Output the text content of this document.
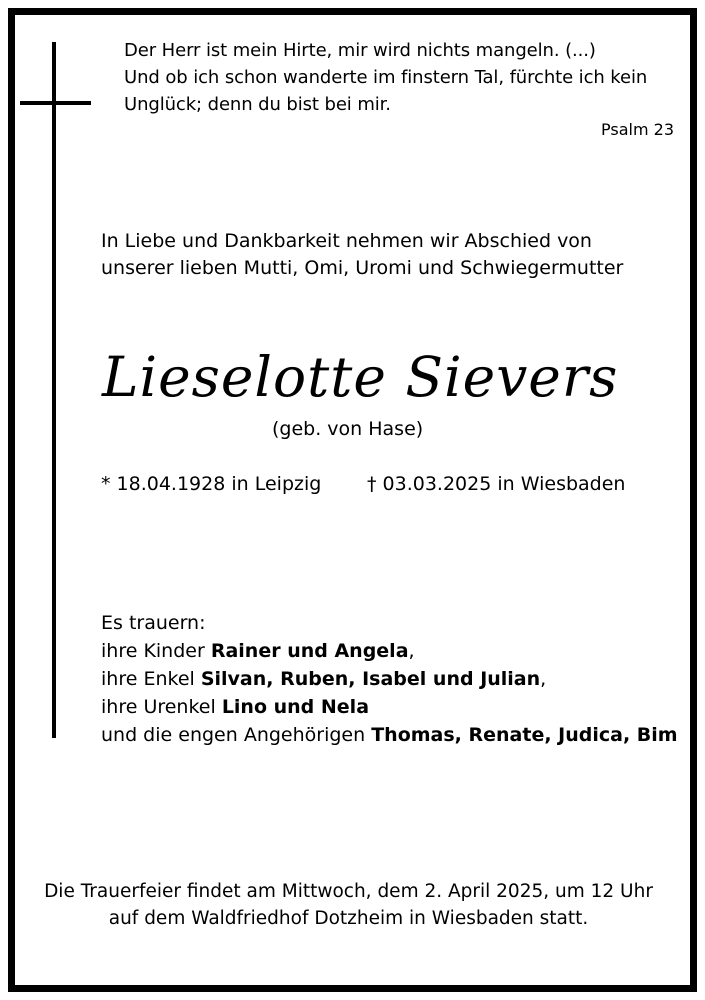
Der Herr ist mein Hirte, mir wird nichts mangeln. (...)
Und ob ich schon wanderte im finstern Tal, fürchte ich kein
Unglück; denn du bist bei mir.
Psalm 23
In Liebe und Dankbarkeit nehmen wir Abschied von
unserer lieben Mutti, Omi, Uromi und Schwiegermutter
Lieselotte Sievers
(geb. von Hase)
* 18.04.1928 in Leipzig † 03.03.2025 in Wiesbaden
Es trauern:
ihre Kinder Rainer und Angela,
ihre Enkel Silvan, Ruben, Isabel und Julian,
ihre Urenkel Lino und Nela
und die engen Angehörigen Thomas, Renate, Judica, Bim
Die Trauerfeier findet am Mittwoch, dem 2. April 2025, um 12 Uhr
auf dem Waldfriedhof Dotzheim in Wiesbaden statt.
